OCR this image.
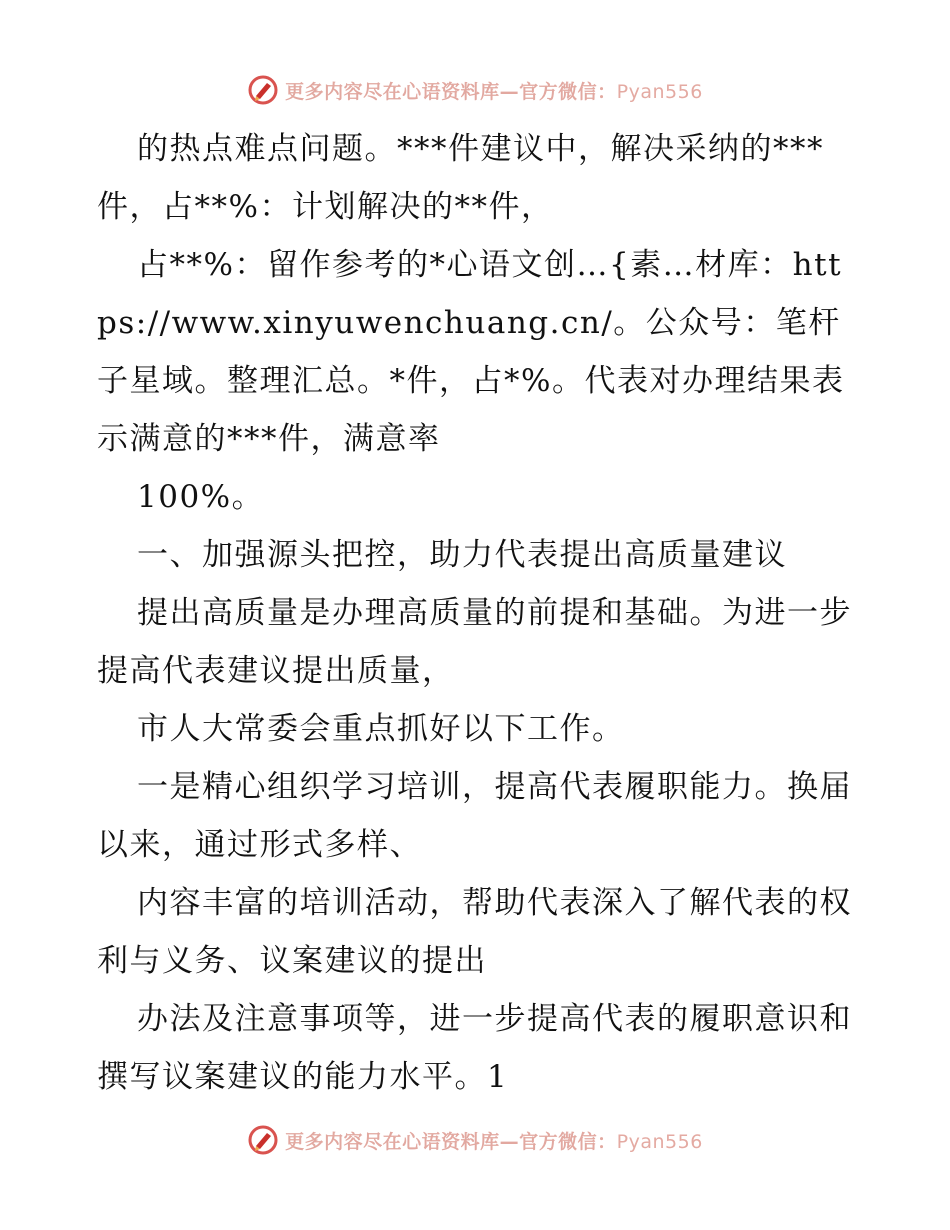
更多内容尽在心语资料库—官方微信：Pyan556

的热点难点问题。***件建议中，解决采纳的***件，占**%：计划解决的**件，

占**%：留作参考的*心语文创…{素…材库：https://www.xinyuwenchuang.cn/。公众号：笔杆子星域。整理汇总。*件，占*%。代表对办理结果表示满意的***件，满意率

100%。

一、加强源头把控，助力代表提出高质量建议

提出高质量是办理高质量的前提和基础。为进一步提高代表建议提出质量，

市人大常委会重点抓好以下工作。

一是精心组织学习培训，提高代表履职能力。换届以来，通过形式多样、

内容丰富的培训活动，帮助代表深入了解代表的权利与义务、议案建议的提出

办法及注意事项等，进一步提高代表的履职意识和撰写议案建议的能力水平。1

更多内容尽在心语资料库—官方微信：Pyan556
